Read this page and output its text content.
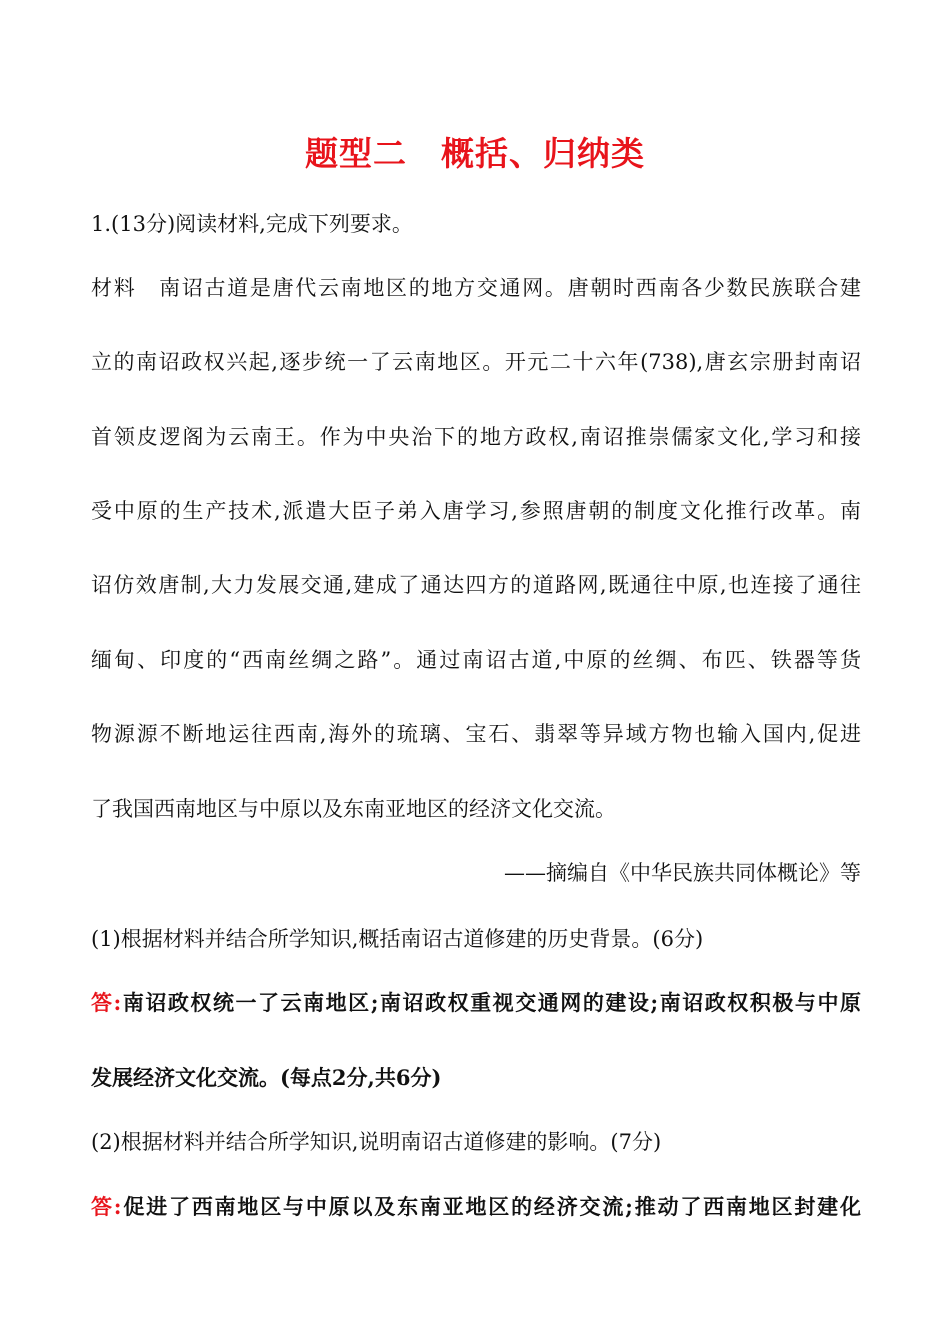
题型二　概括、归纳类
1.(13分)阅读材料,完成下列要求。
材料　南诏古道是唐代云南地区的地方交通网。唐朝时西南各少数民族联合建
立的南诏政权兴起,逐步统一了云南地区。开元二十六年(738),唐玄宗册封南诏
首领皮逻阁为云南王。作为中央治下的地方政权,南诏推崇儒家文化,学习和接
受中原的生产技术,派遣大臣子弟入唐学习,参照唐朝的制度文化推行改革。南
诏仿效唐制,大力发展交通,建成了通达四方的道路网,既通往中原,也连接了通往
缅甸、印度的“西南丝绸之路”。通过南诏古道,中原的丝绸、布匹、铁器等货
物源源不断地运往西南,海外的琉璃、宝石、翡翠等异域方物也输入国内,促进
了我国西南地区与中原以及东南亚地区的经济文化交流。
——摘编自《中华民族共同体概论》等
(1)根据材料并结合所学知识,概括南诏古道修建的历史背景。(6分)
答:南诏政权统一了云南地区;南诏政权重视交通网的建设;南诏政权积极与中原
发展经济文化交流。(每点2分,共6分)
(2)根据材料并结合所学知识,说明南诏古道修建的影响。(7分)
答:促进了西南地区与中原以及东南亚地区的经济交流;推动了西南地区封建化
